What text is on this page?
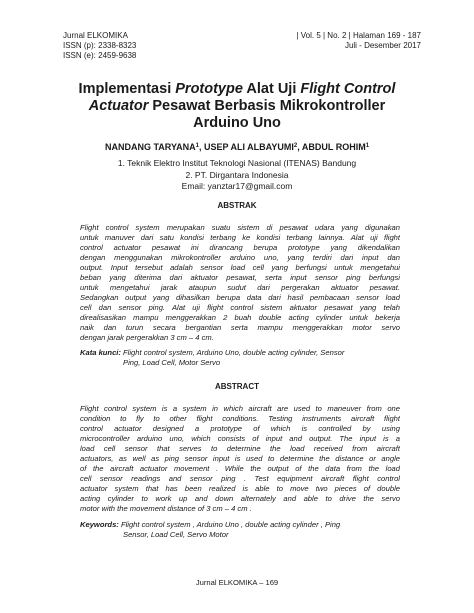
Jurnal ELKOMIKA
ISSN (p): 2338-8323
ISSN (e): 2459-9638
| Vol. 5 | No. 2 | Halaman 169 - 187
Juli - Desember 2017
Implementasi Prototype Alat Uji Flight Control
Actuator Pesawat Berbasis Mikrokontroller
Arduino Uno
NANDANG TARYANA$^1$, USEP ALI ALBAYUMI$^2$, ABDUL ROHIM$^1$
1. Teknik Elektro Institut Teknologi Nasional (ITENAS) Bandung
2. PT. Dirgantara Indonesia
Email: yanztar17@gmail.com
ABSTRAK
Flight control system merupakan suatu sistem di pesawat udara yang digunakan
untuk manuver dari satu kondisi terbang ke kondisi terbang lainnya. Alat uji flight
control actuator pesawat ini dirancang berupa prototype yang dikendalikan
dengan menggunakan mikrokontroller arduino uno, yang terdiri dari input dan
output. Input tersebut adalah sensor load cell yang berfungsi untuk mengetahui
beban yang diterima dari aktuator pesawat, serta input sensor ping berfungsi
untuk mengetahui jarak ataupun sudut dari pergerakan aktuator pesawat.
Sedangkan output yang dihasilkan berupa data dari hasil pembacaan sensor load
cell dan sensor ping. Alat uji flight control sistem aktuator pesawat yang telah
direalisasikan mampu menggerakkan 2 buah double acting cylinder untuk bekerja
naik dan turun secara bergantian serta mampu menggerakkan motor servo
dengan jarak pergerakkan 3 cm – 4 cm.
Kata kunci: Flight control system, Arduino Uno, double acting cylinder, Sensor
Ping, Load Cell, Motor Servo
ABSTRACT
Flight control system is a system in which aircraft are used to maneuver from one
condition to fly to other flight conditions. Testing instruments aircraft flight
control actuator designed a prototype of which is controlled by using
microcontroller arduino uno, which consists of input and output. The input is a
load cell sensor that serves to determine the load received from aircraft
actuators, as well as ping sensor input is used to determine the distance or angle
of the aircraft actuator movement . While the output of the data from the load
cell sensor readings and sensor ping . Test equipment aircraft flight control
actuator system that has been realized is able to move two pieces of double
acting cylinder to work up and down alternately and able to drive the servo
motor with the movement distance of 3 cm – 4 cm .
Keywords: Flight control system , Arduino Uno , double acting cylinder , Ping
Sensor, Load Cell, Servo Motor
Jurnal ELKOMIKA – 169
